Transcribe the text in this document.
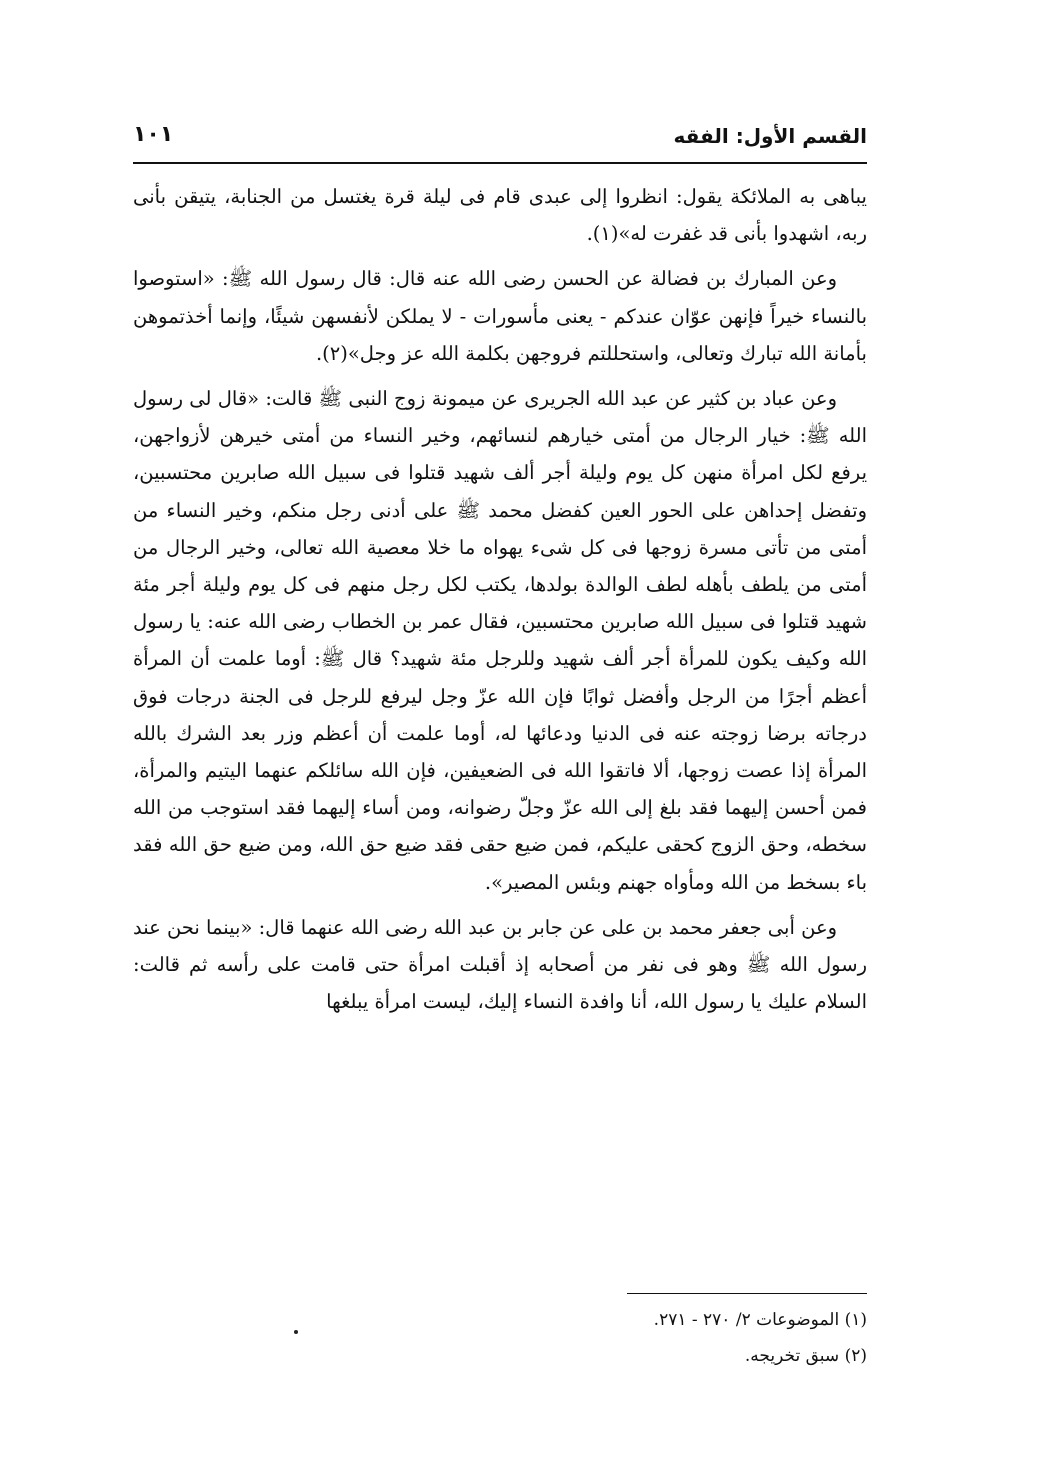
القسم الأول: الفقه
١٠١

يباهى به الملائكة يقول: انظروا إلى عبدى قام فى ليلة قرة يغتسل من الجنابة، يتيقن بأنى ربه، اشهدوا بأنى قد غفرت له»(١).

وعن المبارك بن فضالة عن الحسن رضى الله عنه قال: قال رسول الله ﷺ: «استوصوا بالنساء خيراً فإنهن عوّان عندكم - يعنى مأسورات - لا يملكن لأنفسهن شيئًا، وإنما أخذتموهن بأمانة الله تبارك وتعالى، واستحللتم فروجهن بكلمة الله عز وجل»(٢).

وعن عباد بن كثير عن عبد الله الجريرى عن ميمونة زوج النبى ﷺ قالت: «قال لى رسول الله ﷺ: خيار الرجال من أمتى خيارهم لنسائهم، وخير النساء من أمتى خيرهن لأزواجهن، يرفع لكل امرأة منهن كل يوم وليلة أجر ألف شهيد قتلوا فى سبيل الله صابرين محتسبين، وتفضل إحداهن على الحور العين كفضل محمد ﷺ على أدنى رجل منكم، وخير النساء من أمتى من تأتى مسرة زوجها فى كل شىء يهواه ما خلا معصية الله تعالى، وخير الرجال من أمتى من يلطف بأهله لطف الوالدة بولدها، يكتب لكل رجل منهم فى كل يوم وليلة أجر مئة شهيد قتلوا فى سبيل الله صابرين محتسبين، فقال عمر بن الخطاب رضى الله عنه: يا رسول الله وكيف يكون للمرأة أجر ألف شهيد وللرجل مئة شهيد؟ قال ﷺ: أوما علمت أن المرأة أعظم أجرًا من الرجل وأفضل ثوابًا فإن الله عزّ وجل ليرفع للرجل فى الجنة درجات فوق درجاته برضا زوجته عنه فى الدنيا ودعائها له، أوما علمت أن أعظم وزر بعد الشرك بالله المرأة إذا عصت زوجها، ألا فاتقوا الله فى الضعيفين، فإن الله سائلكم عنهما اليتيم والمرأة، فمن أحسن إليهما فقد بلغ إلى الله عزّ وجلّ رضوانه، ومن أساء إليهما فقد استوجب من الله سخطه، وحق الزوج كحقى عليكم، فمن ضيع حقى فقد ضيع حق الله، ومن ضيع حق الله فقد باء بسخط من الله ومأواه جهنم وبئس المصير».

وعن أبى جعفر محمد بن على عن جابر بن عبد الله رضى الله عنهما قال: «بينما نحن عند رسول الله ﷺ وهو فى نفر من أصحابه إذ أقبلت امرأة حتى قامت على رأسه ثم قالت: السلام عليك يا رسول الله، أنا وافدة النساء إليك، ليست امرأة يبلغها

(١) الموضوعات ٢/ ٢٧٠ - ٢٧١.

(٢) سبق تخريجه.
